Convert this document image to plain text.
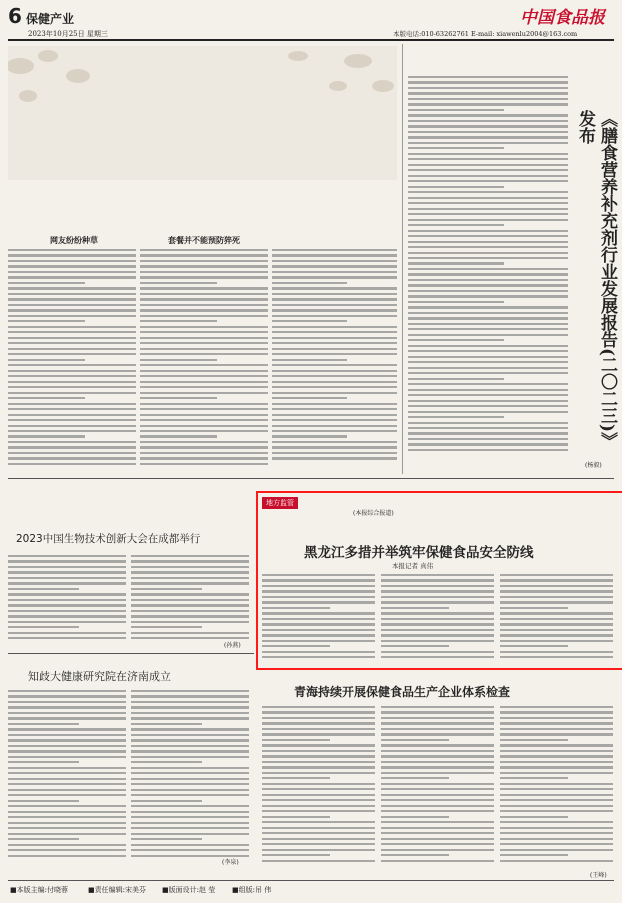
6 保健产业
2023年10月25日 星期三
中国食品报
本版电话:010-63262761 E-mail: xiawenlu2004@163.com
网友纷纷种草	套餐并不能预防猝死
(本报综合报道)
《膳食营养补充剂行业发展报告(二〇二三)》发布
(杨毅)
2023中国生物技术创新大会在成都举行
(孙燕)
知歧大健康研究院在济南成立
(李泉)
地方监管
黑龙江多措并举筑牢保健食品安全防线
本报记者 真伟
青海持续开展保健食品生产企业体系检查
(王峰)
■本版主编:付哓蓉	■责任编辑:宋美芬 ■版面设计:赵 莹 ■组版:吊 伟
